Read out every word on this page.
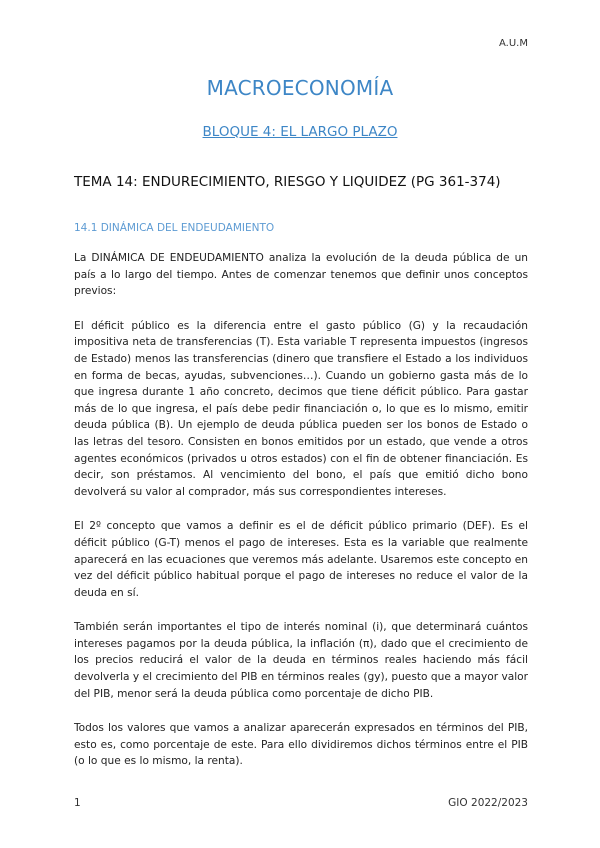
A.U.M
MACROECONOMÍA
BLOQUE 4: EL LARGO PLAZO
TEMA 14: ENDURECIMIENTO, RIESGO Y LIQUIDEZ (PG 361-374)
14.1 DINÁMICA DEL ENDEUDAMIENTO

La DINÁMICA DE ENDEUDAMIENTO analiza la evolución de la deuda pública de un país a lo largo del tiempo. Antes de comenzar tenemos que definir unos conceptos previos:

El déficit público es la diferencia entre el gasto público (G) y la recaudación impositiva neta de transferencias (T). Esta variable T representa impuestos (ingresos de Estado) menos las transferencias (dinero que transfiere el Estado a los individuos en forma de becas, ayudas, subvenciones…). Cuando un gobierno gasta más de lo que ingresa durante 1 año concreto, decimos que tiene déficit público. Para gastar más de lo que ingresa, el país debe pedir financiación o, lo que es lo mismo, emitir deuda pública (B). Un ejemplo de deuda pública pueden ser los bonos de Estado o las letras del tesoro. Consisten en bonos emitidos por un estado, que vende a otros agentes económicos (privados u otros estados) con el fin de obtener financiación. Es decir, son préstamos. Al vencimiento del bono, el país que emitió dicho bono devolverá su valor al comprador, más sus correspondientes intereses.

El 2º concepto que vamos a definir es el de déficit público primario (DEF). Es el déficit público (G-T) menos el pago de intereses. Esta es la variable que realmente aparecerá en las ecuaciones que veremos más adelante. Usaremos este concepto en vez del déficit público habitual porque el pago de intereses no reduce el valor de la deuda en sí.

También serán importantes el tipo de interés nominal (i), que determinará cuántos intereses pagamos por la deuda pública, la inflación (π), dado que el crecimiento de los precios reducirá el valor de la deuda en términos reales haciendo más fácil devolverla y el crecimiento del PIB en términos reales (gy), puesto que a mayor valor del PIB, menor será la deuda pública como porcentaje de dicho PIB.

Todos los valores que vamos a analizar aparecerán expresados en términos del PIB, esto es, como porcentaje de este. Para ello dividiremos dichos términos entre el PIB (o lo que es lo mismo, la renta).

1	GIO 2022/2023
